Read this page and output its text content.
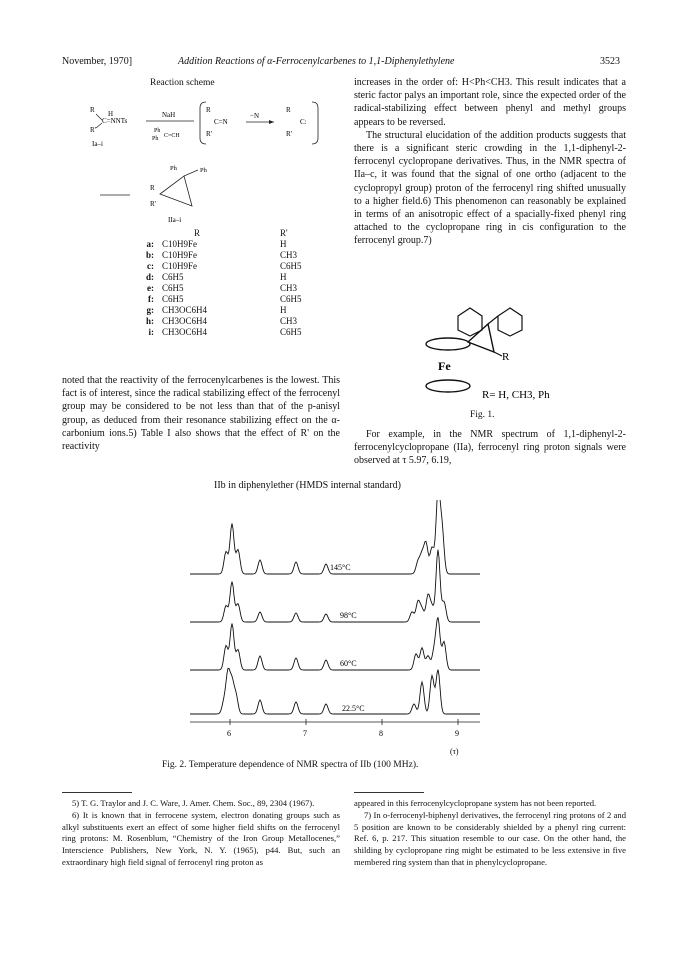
November, 1970]	Addition Reactions of α-Ferrocenylcarbenes to 1,1-Diphenylethylene	3523
Reaction scheme
R H
C=NNTs
R'
Ia–i
NaH
Ph
Ph C=CH
R
C=N
R'
−N
R
C:
R'
Ph	Ph
R
R'
IIa–i
	R	R'
a:	C10H9Fe	H
b:	C10H9Fe	CH3
c:	C10H9Fe	C6H5
d:	C6H5	H
e:	C6H5	CH3
f:	C6H5	C6H5
g:	CH3OC6H4	H
h:	CH3OC6H4	CH3
i:	CH3OC6H4	C6H5

noted that the reactivity of the ferrocenylcarbenes is the lowest. This fact is of interest, since the radical stabilizing effect of the ferrocenyl group may be considered to be not less than that of the p-anisyl group, as deduced from their resonance stabilizing effect on the α-carbonium ions.5) Table I also shows that the effect of R' on the reactivity

increases in the order of: H<Ph<CH3. This result indicates that a steric factor palys an important role, since the expected order of the radical-stabilizing effect between phenyl and methyl groups appears to be reversed.

The structural elucidation of the addition products suggests that there is a significant steric crowding in the 1,1-diphenyl-2-ferrocenyl cyclopropane derivatives. Thus, in the NMR spectra of IIa–c, it was found that the signal of one ortho (adjacent to the cyclopropyl group) proton of the ferrocenyl ring shifted unusually to a higher field.6) This phenomenon can reasonably be explained in terms of an anisotropic effect of a spacially-fixed phenyl ring attached to the cyclopropane ring in cis configuration to the ferrocenyl group.7)

Fe
R
R= H, CH3, Ph
Fig. 1.

For example, in the NMR spectrum of 1,1-diphenyl-2-ferrocenylcyclopropane (IIa), ferrocenyl ring proton signals were observed at τ 5.97, 6.19,

IIb in diphenylether (HMDS internal standard)
145°C
98°C
60°C
22.5°C
6	7	8	9
(τ)
Fig. 2. Temperature dependence of NMR spectra of IIb (100 MHz).

5) T. G. Traylor and J. C. Ware, J. Amer. Chem. Soc., 89, 2304 (1967).

6) It is known that in ferrocene system, electron donating groups such as alkyl substituents exert an effect of some higher field shifts on the ferrocenyl ring protons: M. Rosenblum, “Chemistry of the Iron Group Metallocenes,” Interscience Publishers, New York, N. Y. (1965), p44. But, such an extraordinary high field signal of ferrocenyl ring proton as

appeared in this ferrocenylcyclopropane system has not been reported.

7) In o-ferrocenyl-biphenyl derivatives, the ferrocenyl ring protons of 2 and 5 position are known to be considerably shielded by a phenyl ring current: Ref. 6, p. 217. This situation resemble to our case. On the other hand, the shilding by cyclopropane ring might be estimated to be less extensive in five membered ring system than that in phenylcyclopropane.
